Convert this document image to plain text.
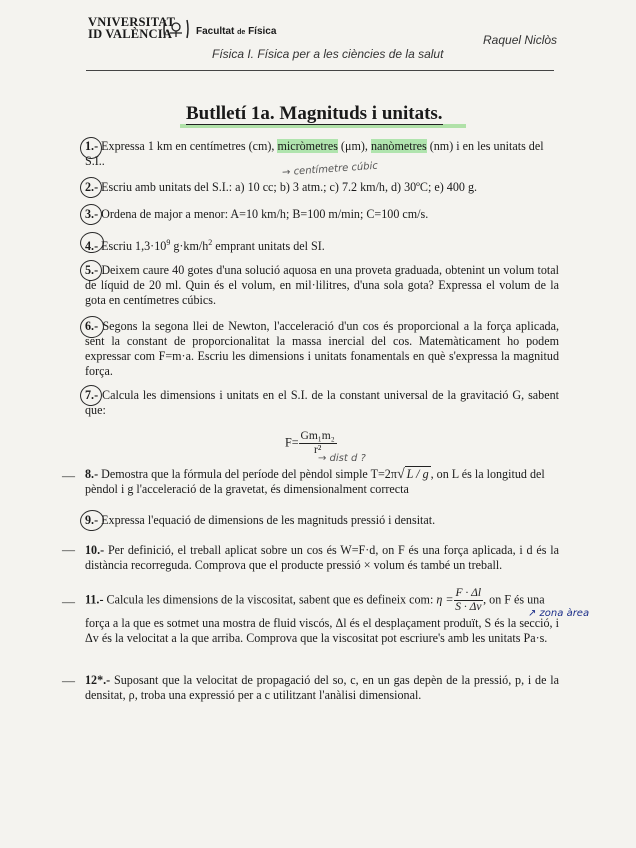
VNIVERSITAT
ID VALÈNCIA	Facultat de Física
Raquel Niclòs
Física I. Física per a les ciències de la salut
Butlletí 1a. Magnituds i unitats.
1.- Expressa 1 km en centímetres (cm), micròmetres (μm), nanòmetres (nm) i en les unitats del S.I..	→ centímetre cúbic
2.- Escriu amb unitats del S.I.: a) 10 cc; b) 3 atm.; c) 7.2 km/h, d) 30ºC; e) 400 g.
3.- Ordena de major a menor: A=10 km/h; B=100 m/min; C=100 cm/s.
4.- Escriu $1,3\cdot 10^9$ $g\cdot km/h^2$ emprant unitats del SI.
5.- Deixem caure 40 gotes d'una solució aquosa en una proveta graduada, obtenint un volum total de líquid de 20 ml. Quin és el volum, en mil·lilitres, d'una sola gota? Expressa el volum de la gota en centímetres cúbics.
6.- Segons la segona llei de Newton, l'acceleració d'un cos és proporcional a la força aplicada, sent la constant de proporcionalitat la massa inercial del cos. Matemàticament ho podem expressar com F=m·a. Escriu les dimensions i unitats fonamentals en què s'expressa la magnitud força.
7.- Calcula les dimensions i unitats en el S.I. de la constant universal de la gravitació G, sabent que:
$F= \frac{\text{Gm₁m₂}}{\text{r²}}$
→ dist d ?
— 8.- Demostra que la fórmula del període del pèndol simple T=2π√ L / g , on L és la longitud del pèndol i g l'acceleració de la gravetat, és dimensionalment correcta
9.- Expressa l'equació de dimensions de les magnituds pressió i densitat.
— 10.- Per definició, el treball aplicat sobre un cos és W=F·d, on F és una força aplicada, i d és la distància recorreguda. Comprova que el producte pressió × volum és també un treball.
— 11.- Calcula les dimensions de la viscositat, sabent que es defineix com: $\eta = \frac{F \cdot \Delta l}{S \cdot \Delta v}$ , on F és una
↗ zona àrea
força a la que es sotmet una mostra de fluid viscós, Δl és el desplaçament produït, S és la secció, i Δv és la velocitat a la que arriba. Comprova que la viscositat pot escriure's amb les unitats Pa·s.
— 12*.- Suposant que la velocitat de propagació del so, c, en un gas depèn de la pressió, p, i de la densitat, ρ, troba una expressió per a c utilitzant l'anàlisi dimensional.
